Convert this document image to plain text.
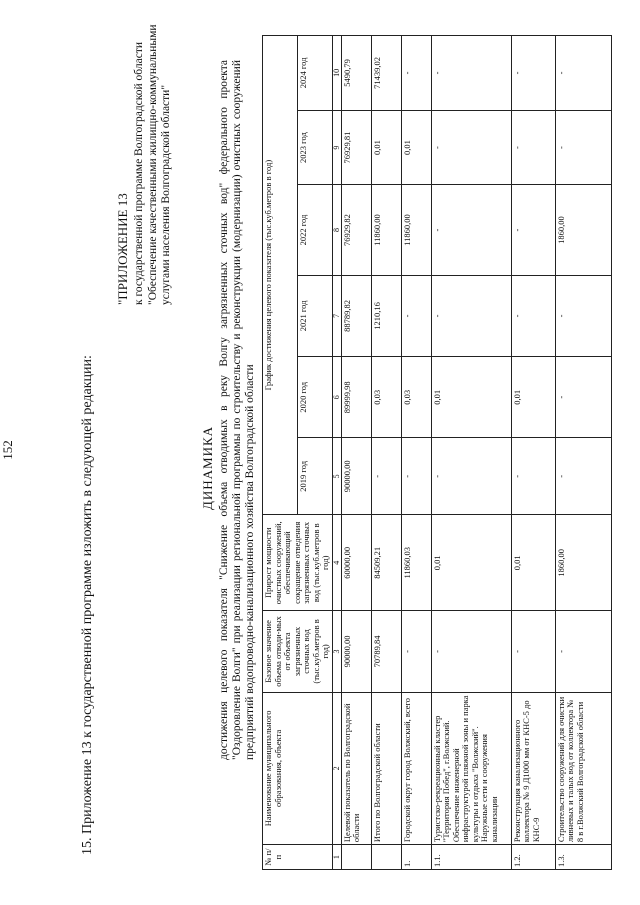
152	15. Приложение 13 к государственной программе изложить в следующей редакции:
"ПРИЛОЖЕНИЕ 13 к государственной программе Волгоградской области "Обеспечение качественными жилищно-коммунальными услугами населения Волгоградской области"
ДИНАМИКА достижения целевого показателя "Снижение объема отводимых в реку Волгу загрязненных сточных вод" федерального проекта "Оздоровление Волги" при реализации региональной программы по строительству и реконструкции (модернизации) очистных сооружений предприятий водопроводно-канализационного хозяйства Волгоградской области
№ п/п	Наименование муниципального образования, объекта	Базовое значение объема отводи-мых от объекта загрязненных сточных вод (тыс.куб.метров в год)	Прирост мощности очистных сооружений, обеспечивающий сокращение отведения загрязненных сточных вод (тыс.куб.метров в год)	График достижения целевого показателя (тыс.куб.метров в год)					
				2019 год	2020 год	2021 год	2022 год	2023 год	2024 год
1	2	3	4	5	6	7	8	9	10
	Целевой показатель по Волгоградской области	90000,00	60000,00	90000,00	89999,98	88789,82	76929,82	76929,81	5490,79
	Итого по Волгоградской области	70789,84	84509,21	-	0,03	1210,16	11860,00	0,01	71439,02
1.	Городской округ город Волжский, всего	-	11860,03	-	0,03	-	11860,00	0,01	-
1.1.	Туристско-рекреационный кластер "Территория Побед", г.Волжский. Обеспечение инженерной инфраструктурой пляжной зоны и парка культуры и отдыха "Волжский". Наружные сети и сооружения канализации	-	0,01	-	0,01	-	-	-	-
1.2.	Реконструкция канализационного коллектора № 9 Д1000 мм от КНС-5 до КНС-9	-	0,01	-	0,01	-	-	-	-
1.3.	Строительство сооружений для очистки ливневых и талых вод от коллектора № 8 в г.Волжский Волгоградской области	-	1860,00	-	-	-	1860,00	-	-
